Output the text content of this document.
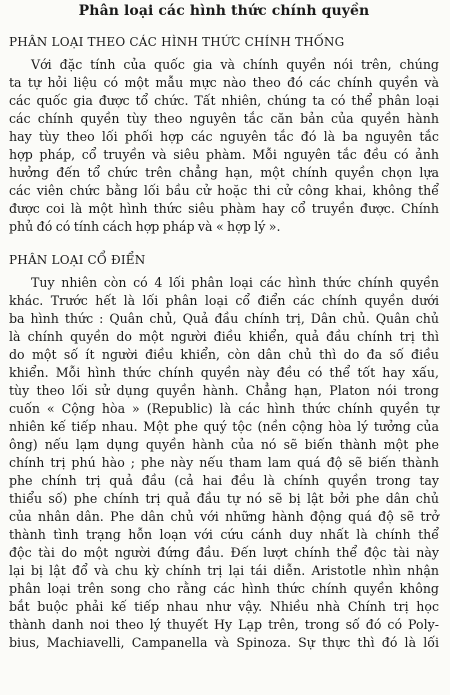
Phân loại các hình thức chính quyền
PHÂN LOẠI THEO CÁC HÌNH THỨC CHÍNH THỐNG
Với đặc tính của quốc gia và chính quyền nói trên, chúng
ta tự hỏi liệu có một mẫu mực nào theo đó các chính quyền và
các quốc gia được tổ chức. Tất nhiên, chúng ta có thể phân loại
các chính quyền tùy theo nguyên tắc căn bản của quyền hành
hay tùy theo lối phối hợp các nguyên tắc đó là ba nguyên tắc
hợp pháp, cổ truyền và siêu phàm. Mỗi nguyên tắc đều có ảnh
hưởng đến tổ chức trên chẳng hạn, một chính quyền chọn lựa
các viên chức bằng lối bầu cử hoặc thi cử công khai, không thể
được coi là một hình thức siêu phàm hay cổ truyền được. Chính
phủ đó có tính cách hợp pháp và « hợp lý ».
PHÂN LOẠI CỔ ĐIỂN
Tuy nhiên còn có 4 lối phân loại các hình thức chính quyền
khác. Trước hết là lối phân loại cổ điển các chính quyền dưới
ba hình thức : Quân chủ, Quả đầu chính trị, Dân chủ. Quân chủ
là chính quyền do một người điều khiển, quả đầu chính trị thì
do một số ít người điều khiển, còn dân chủ thì do đa số điều
khiển. Mỗi hình thức chính quyền này đều có thể tốt hay xấu,
tùy theo lối sử dụng quyền hành. Chẳng hạn, Platon nói trong
cuốn « Cộng hòa » (Republic) là các hình thức chính quyền tự
nhiên kế tiếp nhau. Một phe quý tộc (nền cộng hòa lý tưởng của
ông) nếu lạm dụng quyền hành của nó sẽ biến thành một phe
chính trị phú hào ; phe này nếu tham lam quá độ sẽ biến thành
phe chính trị quả đầu (cả hai đều là chính quyền trong tay
thiểu số) phe chính trị quả đầu tự nó sẽ bị lật bởi phe dân chủ
của nhân dân. Phe dân chủ với những hành động quá độ sẽ trở
thành tình trạng hỗn loạn với cứu cánh duy nhất là chính thể
độc tài do một người đứng đầu. Đến lượt chính thể độc tài này
lại bị lật đổ và chu kỳ chính trị lại tái diễn. Aristotle nhìn nhận
phân loại trên song cho rằng các hình thức chính quyền không
bắt buộc phải kế tiếp nhau như vậy. Nhiều nhà Chính trị học
thành danh noi theo lý thuyết Hy Lạp trên, trong số đó có Poly-
bius, Machiavelli, Campanella và Spinoza. Sự thực thì đó là lối
